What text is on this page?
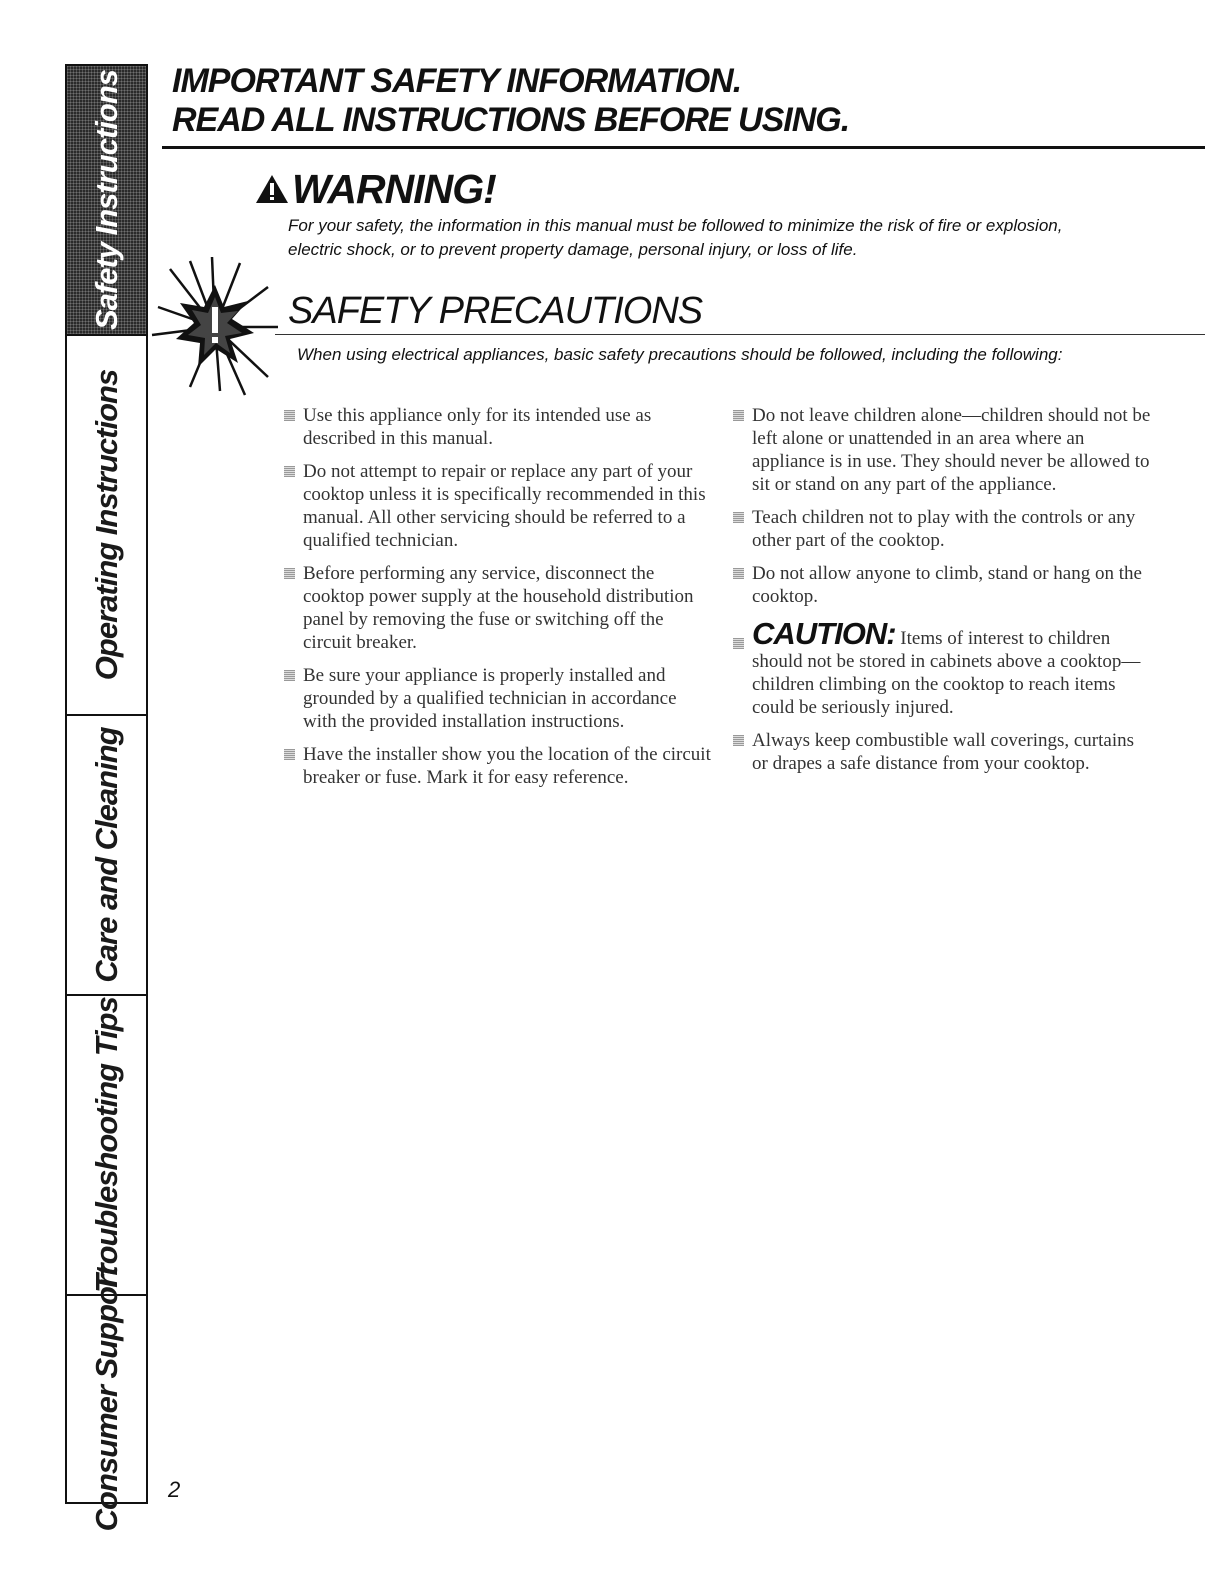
Safety Instructions
Operating Instructions
Care and Cleaning
Troubleshooting Tips
Consumer Support
IMPORTANT SAFETY INFORMATION.
READ ALL INSTRUCTIONS BEFORE USING.
WARNING!
For your safety, the information in this manual must be followed to minimize the risk of fire or explosion, electric shock, or to prevent property damage, personal injury, or loss of life.
SAFETY PRECAUTIONS
When using electrical appliances, basic safety precautions should be followed, including the following:
Use this appliance only for its intended use as described in this manual.
Do not attempt to repair or replace any part of your cooktop unless it is specifically recommended in this manual. All other servicing should be referred to a qualified technician.
Before performing any service, disconnect the cooktop power supply at the household distribution panel by removing the fuse or switching off the circuit breaker.
Be sure your appliance is properly installed and grounded by a qualified technician in accordance with the provided installation instructions.
Have the installer show you the location of the circuit breaker or fuse. Mark it for easy reference.
Do not leave children alone—children should not be left alone or unattended in an area where an appliance is in use. They should never be allowed to sit or stand on any part of the appliance.
Teach children not to play with the controls or any other part of the cooktop.
Do not allow anyone to climb, stand or hang on the cooktop.
CAUTION: Items of interest to children should not be stored in cabinets above a cooktop—children climbing on the cooktop to reach items could be seriously injured.
Always keep combustible wall coverings, curtains or drapes a safe distance from your cooktop.
2
